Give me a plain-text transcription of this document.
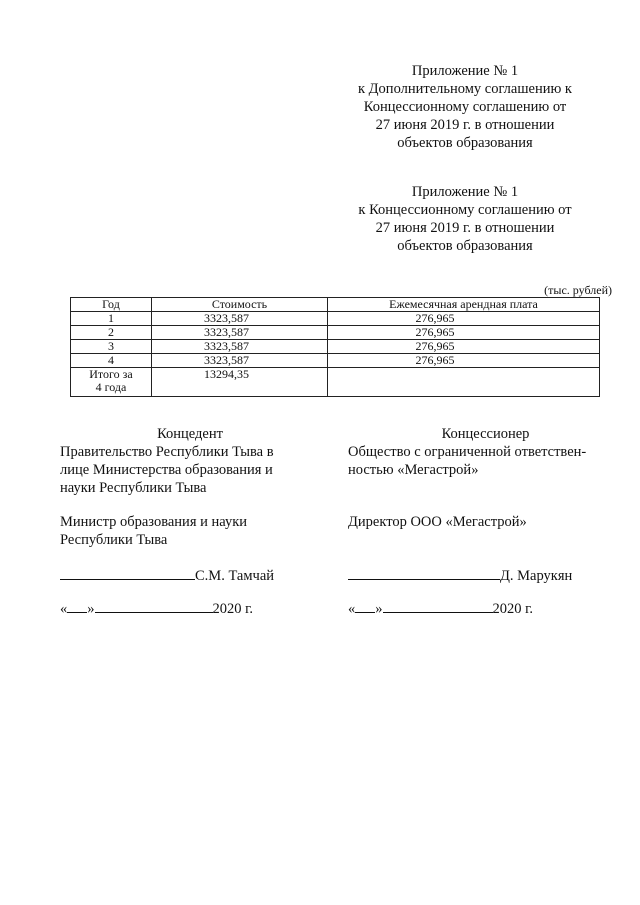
Приложение № 1
к Дополнительному соглашению к
Концессионному соглашению от
27 июня 2019 г. в отношении
объектов образования
Приложение № 1
к Концессионному соглашению от
27 июня 2019 г. в отношении
объектов образования
(тыс. рублей)
Год	Стоимость	Ежемесячная арендная плата
1	3323,587	276,965
2	3323,587	276,965
3	3323,587	276,965
4	3323,587	276,965

Итого за
4 года	13294,35	
Концедент
Правительство Республики Тыва в
лице Министерства образования и
науки Республики Тыва
Министр образования и науки
Республики Тыва
С.М. Тамчай
« »	2020 г.
Концессионер
Общество с ограниченной ответствен-
ностью «Мегастрой»
Директор ООО «Мегастрой»
Д. Марукян
« »	2020 г.
